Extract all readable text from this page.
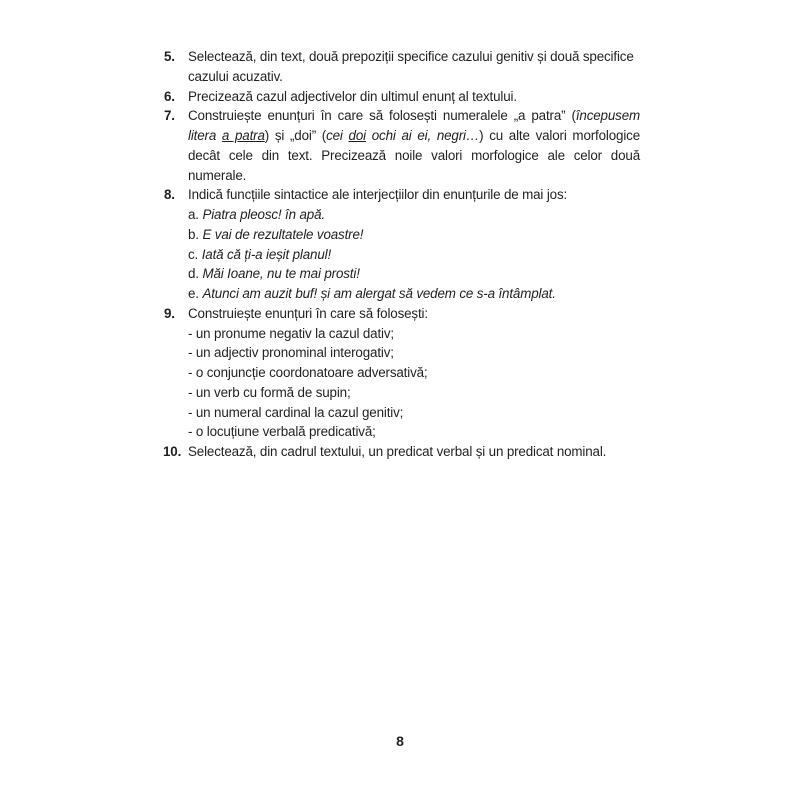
5. Selectează, din text, două prepoziții specifice cazului genitiv și două specifice cazului acuzativ.
6. Precizează cazul adjectivelor din ultimul enunț al textului.
7. Construiește enunțuri în care să folosești numeralele „a patra” (începusem litera a patra) și „doi” (cei doi ochi ai ei, negri…) cu alte valori morfologice decât cele din text. Precizează noile valori morfologice ale celor două numerale.
8. Indică funcțiile sintactice ale interjecțiilor din enunțurile de mai jos:
a. Piatra pleosc! în apă.
b. E vai de rezultatele voastre!
c. Iată că ți-a ieșit planul!
d. Măi Ioane, nu te mai prosti!
e. Atunci am auzit buf! și am alergat să vedem ce s-a întâmplat.
9. Construiește enunțuri în care să folosești:
- un pronume negativ la cazul dativ;
- un adjectiv pronominal interogativ;
- o conjuncție coordonatoare adversativă;
- un verb cu formă de supin;
- un numeral cardinal la cazul genitiv;
- o locuțiune verbală predicativă;
10. Selectează, din cadrul textului, un predicat verbal și un predicat nominal.
8
